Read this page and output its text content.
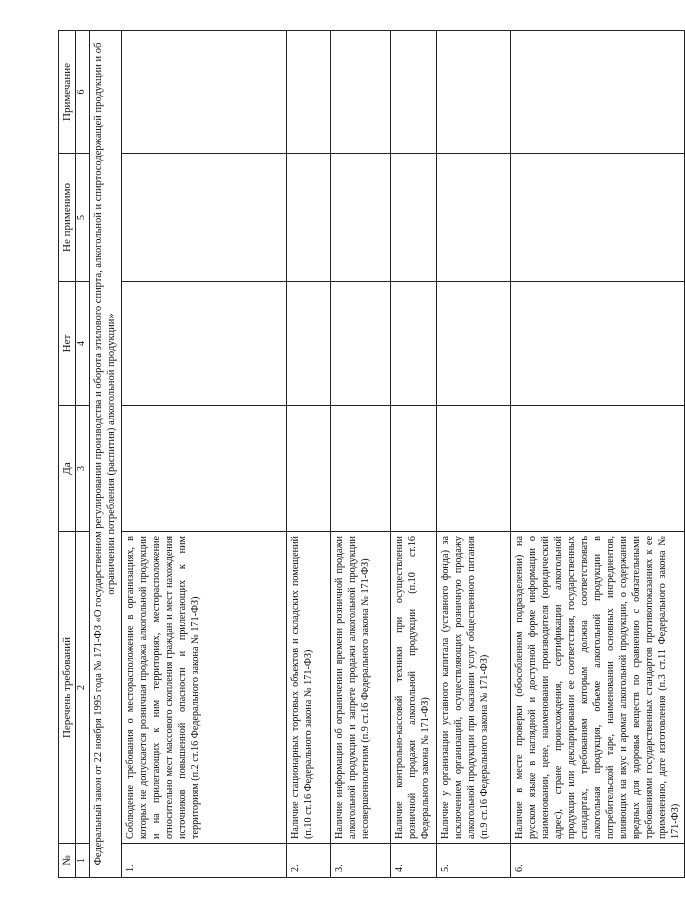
№	Перечень требований	Да	Нет	Не применимо	Примечание
1	2	3	4	5	6
Федеральный закон от 22 ноября 1995 года № 171-ФЗ «О государственном регулировании производства и оборота этилового спирта, алкогольной и спиртосодержащей продукции и об ограничении потребления (распития) алкогольной продукции»					
1.	Соблюдение требования о месторасположение в организациях, в которых не допускается розничная продажа алкогольной продукции и на прилегающих к ним территориях, месторасположение относительно мест массового скопления граждан и мест нахождения источников повышенной опасности и прилегающих к ним территориям (п.2 ст.16 Федерального закона № 171-ФЗ)				
2.	Наличие стационарных торговых объектов и складских помещений (п.10 ст.16 Федерального закона № 171-ФЗ)				
3.	Наличие информации об ограничении времени розничной продажи алкогольной продукции и запрете продажи алкогольной продукции несовершеннолетним (п.9 ст.16 Федерального закона № 171-ФЗ)				
4.	Наличие контрольно-кассовой техники при осуществлении розничной продажи алкогольной продукции (п.10 ст.16 Федерального закона № 171-ФЗ)				
5.	Наличие у организации уставного капитала (уставного фонда) за исключением организаций, осуществляющих розничную продажу алкогольной продукции при оказании услуг общественного питания (п.9 ст.16 Федерального закона № 171-ФЗ)				
6.	Наличие в месте проверки (обособленном подразделении) на русском языке в наглядной и доступной форме информации о наименовании, цене, наименовании производителя (юридический адрес), стране происхождения, сертификации алкогольной продукции или декларировании ее соответствия, государственных стандартах, требованиям которым должна соответствовать алкогольная продукция, объеме алкогольной продукции в потребительской таре, наименовании основных ингредиентов, влияющих на вкус и аромат алкогольной продукции, о содержании вредных для здоровья веществ по сравнению с обязательными требованиями государственных стандартов противопоказаниях к ее применению, дате изготовления (п.3 ст.11 Федерального закона № 171-ФЗ)				
